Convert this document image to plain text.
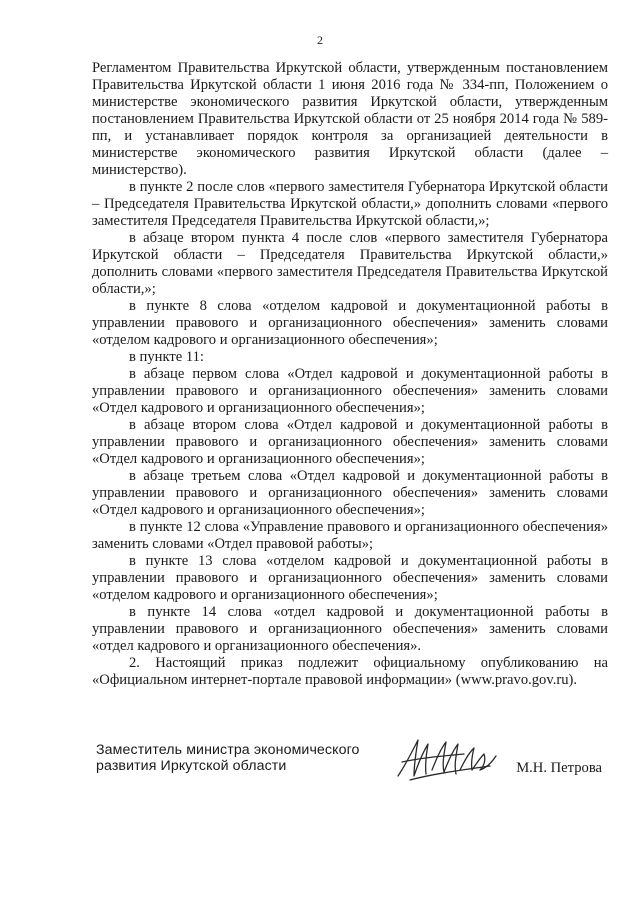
2

Регламентом Правительства Иркутской области, утвержденным постановлением Правительства Иркутской области 1 июня 2016 года № 334-пп, Положением о министерстве экономического развития Иркутской области, утвержденным постановлением Правительства Иркутской области от 25 ноября 2014 года № 589-пп, и устанавливает порядок контроля за организацией деятельности в министерстве экономического развития Иркутской области (далее – министерство).

в пункте 2 после слов «первого заместителя Губернатора Иркутской области – Председателя Правительства Иркутской области,» дополнить словами «первого заместителя Председателя Правительства Иркутской области,»;

в абзаце втором пункта 4 после слов «первого заместителя Губернатора Иркутской области – Председателя Правительства Иркутской области,» дополнить словами «первого заместителя Председателя Правительства Иркутской области,»;

в пункте 8 слова «отделом кадровой и документационной работы в управлении правового и организационного обеспечения» заменить словами «отделом кадрового и организационного обеспечения»;

в пункте 11:

в абзаце первом слова «Отдел кадровой и документационной работы в управлении правового и организационного обеспечения» заменить словами «Отдел кадрового и организационного обеспечения»;

в абзаце втором слова «Отдел кадровой и документационной работы в управлении правового и организационного обеспечения» заменить словами «Отдел кадрового и организационного обеспечения»;

в абзаце третьем слова «Отдел кадровой и документационной работы в управлении правового и организационного обеспечения» заменить словами «Отдел кадрового и организационного обеспечения»;

в пункте 12 слова «Управление правового и организационного обеспечения» заменить словами «Отдел правовой работы»;

в пункте 13 слова «отделом кадровой и документационной работы в управлении правового и организационного обеспечения» заменить словами «отделом кадрового и организационного обеспечения»;

в пункте 14 слова «отдел кадровой и документационной работы в управлении правового и организационного обеспечения» заменить словами «отдел кадрового и организационного обеспечения».

2. Настоящий приказ подлежит официальному опубликованию на «Официальном интернет-портале правовой информации» (www.pravo.gov.ru).

Заместитель министра экономического
развития Иркутской области	М.Н. Петрова
